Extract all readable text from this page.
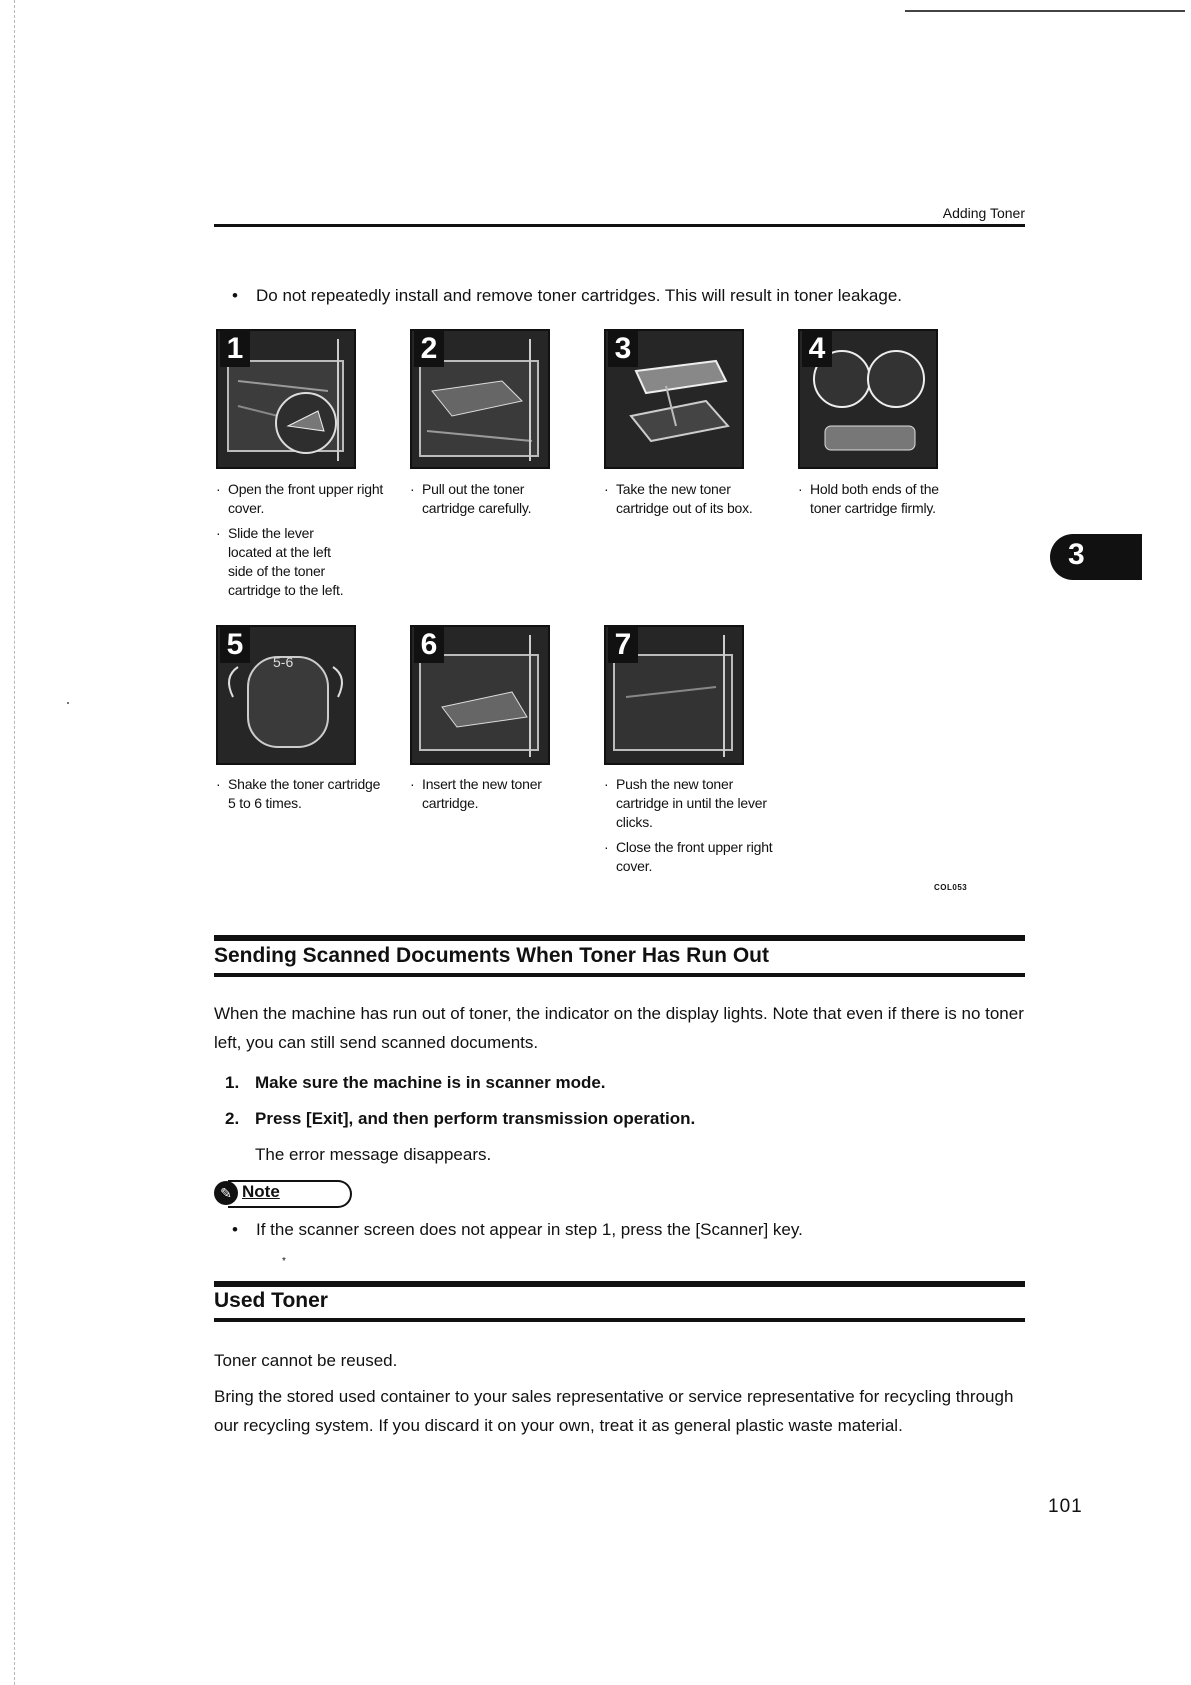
Adding Toner
• Do not repeatedly install and remove toner cartridges. This will result in toner leakage.
1	2	3	4
· Open the front upper right cover.
· Slide the lever located at the left side of the toner cartridge to the left.
· Pull out the toner cartridge carefully.
· Take the new toner cartridge out of its box.
· Hold both ends of the toner cartridge firmly.
3
5
5-6
6	7
· Shake the toner cartridge 5 to 6 times.
· Insert the new toner cartridge.
· Push the new toner cartridge in until the lever clicks.
· Close the front upper right cover.
COL053
Sending Scanned Documents When Toner Has Run Out
When the machine has run out of toner, the indicator on the display lights. Note that even if there is no toner left, you can still send scanned documents.
1. Make sure the machine is in scanner mode.
2. Press [Exit], and then perform transmission operation.
The error message disappears.
✎ Note
• If the scanner screen does not appear in step 1, press the [Scanner] key.
*
Used Toner
Toner cannot be reused.
Bring the stored used container to your sales representative or service representative for recycling through our recycling system. If you discard it on your own, treat it as general plastic waste material.
101
